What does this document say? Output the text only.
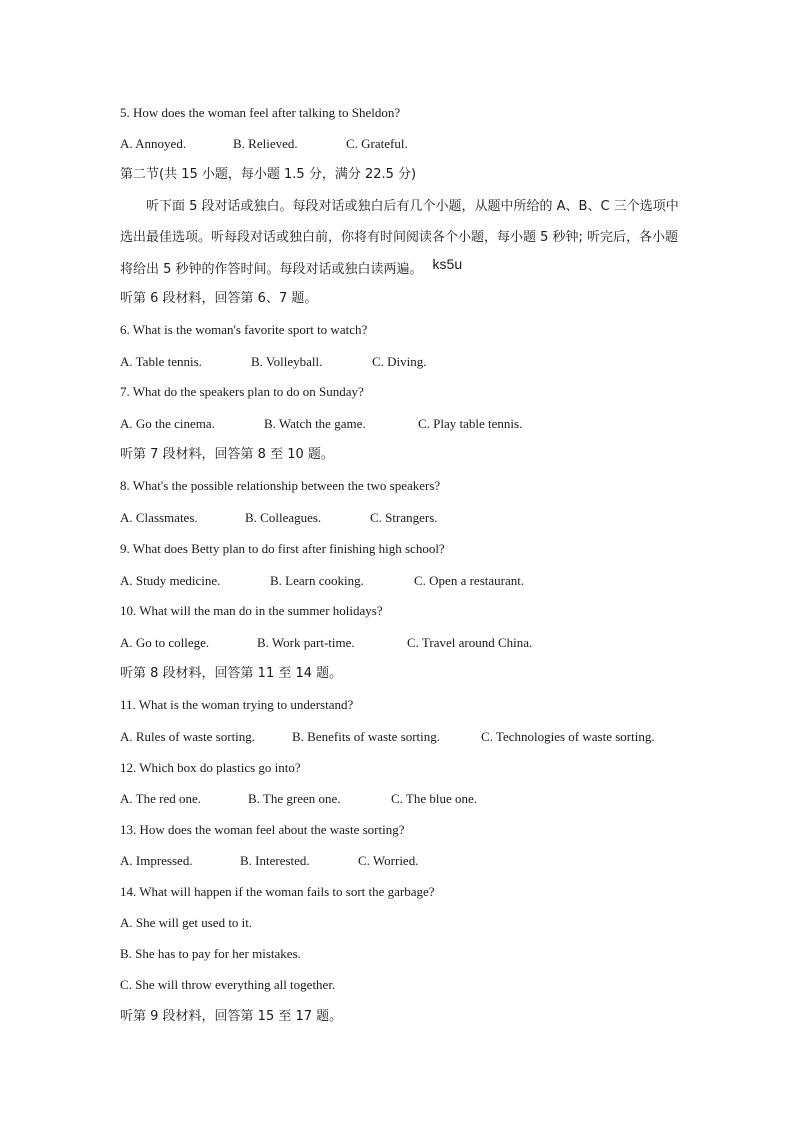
5. How does the woman feel after talking to Sheldon?
A. Annoyed.	B. Relieved.	C. Grateful.
第二节(共 15 小题，每小题 1.5 分，满分 22.5 分)
听下面 5 段对话或独白。每段对话或独白后有几个小题，从题中所给的 A、B、C 三个选项中选出最佳选项。听每段对话或独白前，你将有时间阅读各个小题，每小题 5 秒钟; 听完后，各小题将给出 5 秒钟的作答时间。每段对话或独白读两遍。 ks5u
听第 6 段材料，回答第 6、7 题。
6. What is the woman's favorite sport to watch?
A. Table tennis.	B. Volleyball.	C. Diving.
7. What do the speakers plan to do on Sunday?
A. Go the cinema.	B. Watch the game.	C. Play table tennis.
听第 7 段材料，回答第 8 至 10 题。
8. What's the possible relationship between the two speakers?
A. Classmates.	B. Colleagues.	C. Strangers.
9. What does Betty plan to do first after finishing high school?
A. Study medicine.	B. Learn cooking.	C. Open a restaurant.
10. What will the man do in the summer holidays?
A. Go to college.	B. Work part-time.	C. Travel around China.
听第 8 段材料，回答第 11 至 14 题。
11. What is the woman trying to understand?
A. Rules of waste sorting.	B. Benefits of waste sorting.	C. Technologies of waste sorting.
12. Which box do plastics go into?
A. The red one.	B. The green one.	C. The blue one.
13. How does the woman feel about the waste sorting?
A. Impressed.	B. Interested.	C. Worried.
14. What will happen if the woman fails to sort the garbage?
A. She will get used to it.
B. She has to pay for her mistakes.
C. She will throw everything all together.
听第 9 段材料，回答第 15 至 17 题。
